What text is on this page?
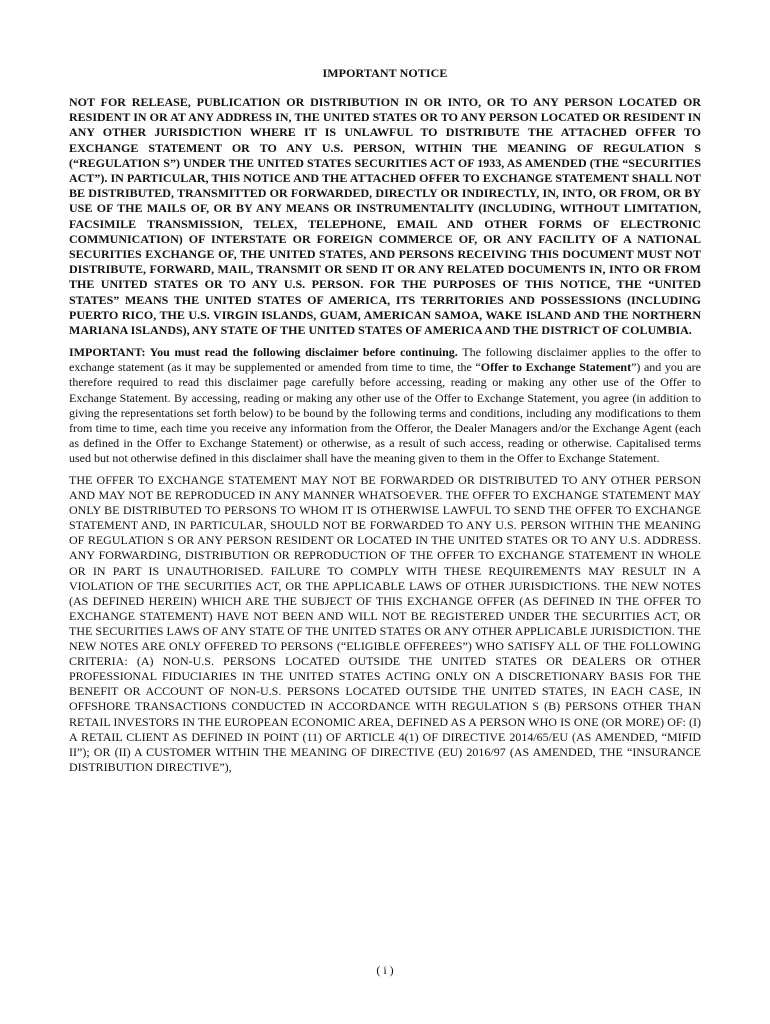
IMPORTANT NOTICE

NOT FOR RELEASE, PUBLICATION OR DISTRIBUTION IN OR INTO, OR TO ANY PERSON LOCATED OR RESIDENT IN OR AT ANY ADDRESS IN, THE UNITED STATES OR TO ANY PERSON LOCATED OR RESIDENT IN ANY OTHER JURISDICTION WHERE IT IS UNLAWFUL TO DISTRIBUTE THE ATTACHED OFFER TO EXCHANGE STATEMENT OR TO ANY U.S. PERSON, WITHIN THE MEANING OF REGULATION S (“REGULATION S”) UNDER THE UNITED STATES SECURITIES ACT OF 1933, AS AMENDED (THE “SECURITIES ACT”). IN PARTICULAR, THIS NOTICE AND THE ATTACHED OFFER TO EXCHANGE STATEMENT SHALL NOT BE DISTRIBUTED, TRANSMITTED OR FORWARDED, DIRECTLY OR INDIRECTLY, IN, INTO, OR FROM, OR BY USE OF THE MAILS OF, OR BY ANY MEANS OR INSTRUMENTALITY (INCLUDING, WITHOUT LIMITATION, FACSIMILE TRANSMISSION, TELEX, TELEPHONE, EMAIL AND OTHER FORMS OF ELECTRONIC COMMUNICATION) OF INTERSTATE OR FOREIGN COMMERCE OF, OR ANY FACILITY OF A NATIONAL SECURITIES EXCHANGE OF, THE UNITED STATES, AND PERSONS RECEIVING THIS DOCUMENT MUST NOT DISTRIBUTE, FORWARD, MAIL, TRANSMIT OR SEND IT OR ANY RELATED DOCUMENTS IN, INTO OR FROM THE UNITED STATES OR TO ANY U.S. PERSON. FOR THE PURPOSES OF THIS NOTICE, THE “UNITED STATES” MEANS THE UNITED STATES OF AMERICA, ITS TERRITORIES AND POSSESSIONS (INCLUDING PUERTO RICO, THE U.S. VIRGIN ISLANDS, GUAM, AMERICAN SAMOA, WAKE ISLAND AND THE NORTHERN MARIANA ISLANDS), ANY STATE OF THE UNITED STATES OF AMERICA AND THE DISTRICT OF COLUMBIA.

IMPORTANT: You must read the following disclaimer before continuing. The following disclaimer applies to the offer to exchange statement (as it may be supplemented or amended from time to time, the “Offer to Exchange Statement”) and you are therefore required to read this disclaimer page carefully before accessing, reading or making any other use of the Offer to Exchange Statement. By accessing, reading or making any other use of the Offer to Exchange Statement, you agree (in addition to giving the representations set forth below) to be bound by the following terms and conditions, including any modifications to them from time to time, each time you receive any information from the Offeror, the Dealer Managers and/or the Exchange Agent (each as defined in the Offer to Exchange Statement) or otherwise, as a result of such access, reading or otherwise. Capitalised terms used but not otherwise defined in this disclaimer shall have the meaning given to them in the Offer to Exchange Statement.

THE OFFER TO EXCHANGE STATEMENT MAY NOT BE FORWARDED OR DISTRIBUTED TO ANY OTHER PERSON AND MAY NOT BE REPRODUCED IN ANY MANNER WHATSOEVER. THE OFFER TO EXCHANGE STATEMENT MAY ONLY BE DISTRIBUTED TO PERSONS TO WHOM IT IS OTHERWISE LAWFUL TO SEND THE OFFER TO EXCHANGE STATEMENT AND, IN PARTICULAR, SHOULD NOT BE FORWARDED TO ANY U.S. PERSON WITHIN THE MEANING OF REGULATION S OR ANY PERSON RESIDENT OR LOCATED IN THE UNITED STATES OR TO ANY U.S. ADDRESS. ANY FORWARDING, DISTRIBUTION OR REPRODUCTION OF THE OFFER TO EXCHANGE STATEMENT IN WHOLE OR IN PART IS UNAUTHORISED. FAILURE TO COMPLY WITH THESE REQUIREMENTS MAY RESULT IN A VIOLATION OF THE SECURITIES ACT, OR THE APPLICABLE LAWS OF OTHER JURISDICTIONS. THE NEW NOTES (AS DEFINED HEREIN) WHICH ARE THE SUBJECT OF THIS EXCHANGE OFFER (AS DEFINED IN THE OFFER TO EXCHANGE STATEMENT) HAVE NOT BEEN AND WILL NOT BE REGISTERED UNDER THE SECURITIES ACT, OR THE SECURITIES LAWS OF ANY STATE OF THE UNITED STATES OR ANY OTHER APPLICABLE JURISDICTION. THE NEW NOTES ARE ONLY OFFERED TO PERSONS (“ELIGIBLE OFFEREES”) WHO SATISFY ALL OF THE FOLLOWING CRITERIA: (A) NON-U.S. PERSONS LOCATED OUTSIDE THE UNITED STATES OR DEALERS OR OTHER PROFESSIONAL FIDUCIARIES IN THE UNITED STATES ACTING ONLY ON A DISCRETIONARY BASIS FOR THE BENEFIT OR ACCOUNT OF NON-U.S. PERSONS LOCATED OUTSIDE THE UNITED STATES, IN EACH CASE, IN OFFSHORE TRANSACTIONS CONDUCTED IN ACCORDANCE WITH REGULATION S (B) PERSONS OTHER THAN RETAIL INVESTORS IN THE EUROPEAN ECONOMIC AREA, DEFINED AS A PERSON WHO IS ONE (OR MORE) OF: (I) A RETAIL CLIENT AS DEFINED IN POINT (11) OF ARTICLE 4(1) OF DIRECTIVE 2014/65/EU (AS AMENDED, “MIFID II”); OR (II) A CUSTOMER WITHIN THE MEANING OF DIRECTIVE (EU) 2016/97 (AS AMENDED, THE “INSURANCE DISTRIBUTION DIRECTIVE”),

( i )
